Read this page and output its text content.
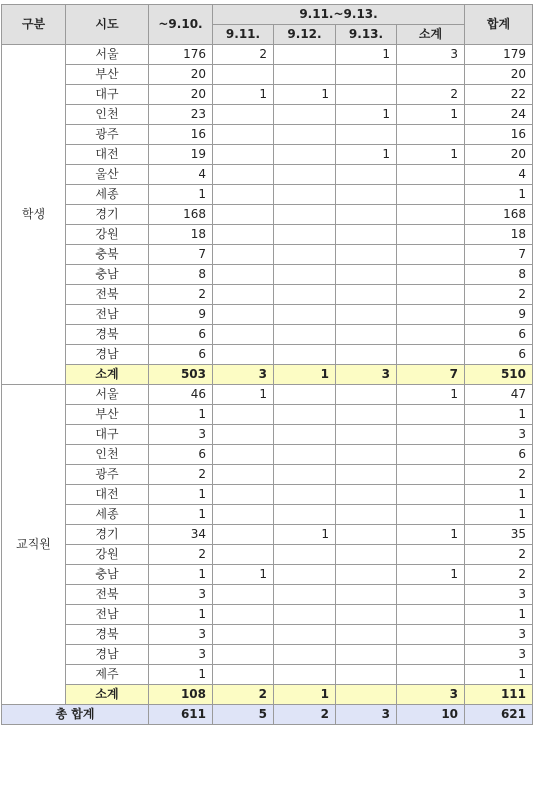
구분	시도	~9.10.	9.11.~9.13.				합계
			9.11.	9.12.	9.13.	소계	
학생	서울	176	2		1	3	179
	부산	20					20
	대구	20	1	1		2	22
	인천	23			1	1	24
	광주	16					16
	대전	19			1	1	20
	울산	4					4
	세종	1					1
	경기	168					168
	강원	18					18
	충북	7					7
	충남	8					8
	전북	2					2
	전남	9					9
	경북	6					6
	경남	6					6
	소계	503	3	1	3	7	510
교직원	서울	46	1			1	47
	부산	1					1
	대구	3					3
	인천	6					6
	광주	2					2
	대전	1					1
	세종	1					1
	경기	34		1		1	35
	강원	2					2
	충남	1	1			1	2
	전북	3					3
	전남	1					1
	경북	3					3
	경남	3					3
	제주	1					1
	소계	108	2	1		3	111
총 합계		611	5	2	3	10	621
